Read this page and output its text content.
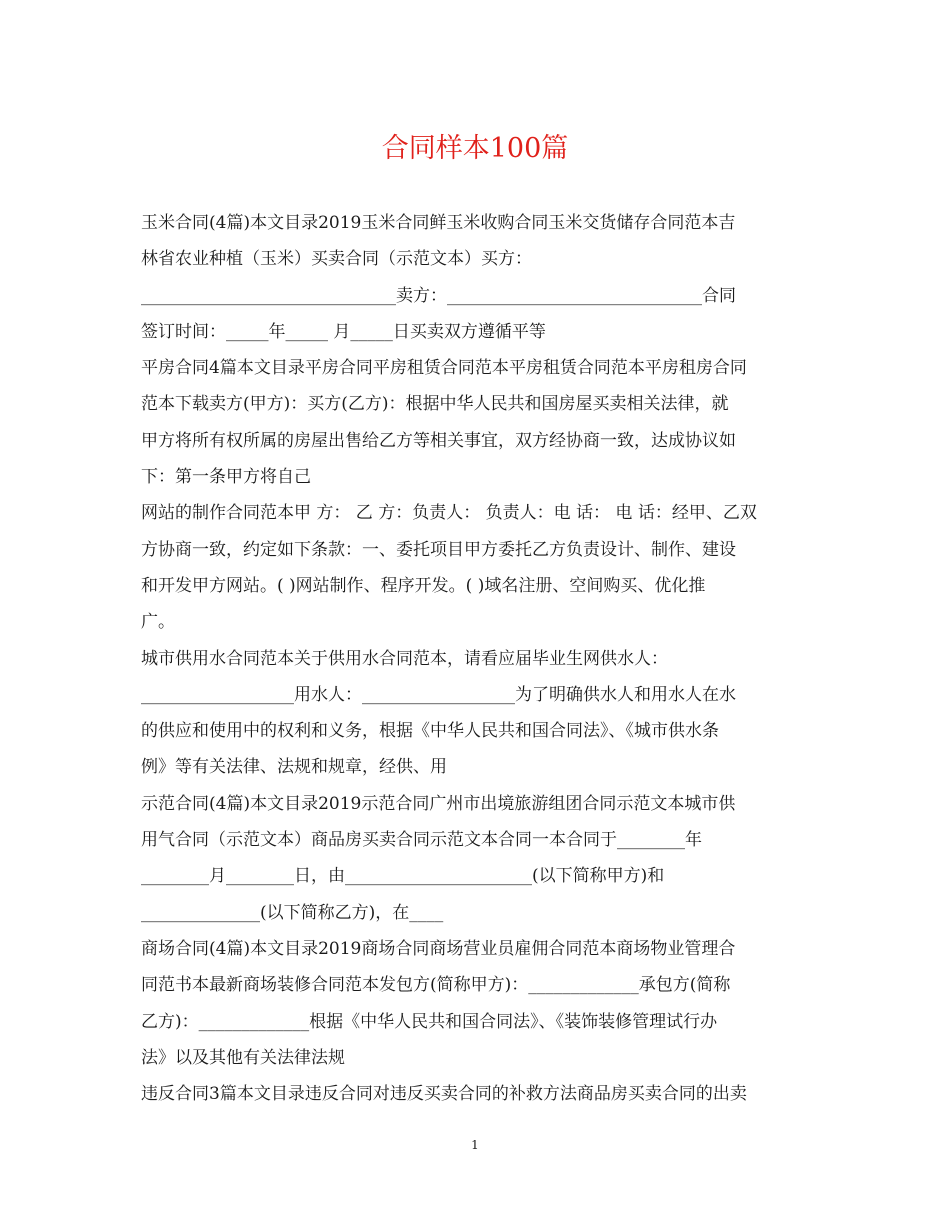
合同样本100篇
玉米合同(4篇)本文目录2019玉米合同鲜玉米收购合同玉米交货储存合同范本吉
林省农业种植（玉米）买卖合同（示范文本）买方：
______________________________卖方：______________________________合同
签订时间：_____年_____ 月_____日买卖双方遵循平等
平房合同4篇本文目录平房合同平房租赁合同范本平房租赁合同范本平房租房合同
范本下载卖方(甲方)：买方(乙方)：根据中华人民共和国房屋买卖相关法律，就
甲方将所有权所属的房屋出售给乙方等相关事宜，双方经协商一致，达成协议如
下：第一条甲方将自己
网站的制作合同范本甲 方： 乙 方：负责人： 负责人：电 话： 电 话：经甲、乙双
方协商一致，约定如下条款：一、委托项目甲方委托乙方负责设计、制作、建设
和开发甲方网站。( )网站制作、程序开发。( )域名注册、空间购买、优化推
广。
城市供用水合同范本关于供用水合同范本，请看应届毕业生网供水人：
__________________用水人：__________________为了明确供水人和用水人在水
的供应和使用中的权利和义务，根据《中华人民共和国合同法》、《城市供水条
例》等有关法律、法规和规章，经供、用
示范合同(4篇)本文目录2019示范合同广州市出境旅游组团合同示范文本城市供
用气合同（示范文本）商品房买卖合同示范文本合同一本合同于________年
________月________日，由______________________(以下简称甲方)和
______________(以下简称乙方)，在____
商场合同(4篇)本文目录2019商场合同商场营业员雇佣合同范本商场物业管理合
同范书本最新商场装修合同范本发包方(简称甲方)：_____________承包方(简称
乙方)：_____________根据《中华人民共和国合同法》、《装饰装修管理试行办
法》以及其他有关法律法规
违反合同3篇本文目录违反合同对违反买卖合同的补救方法商品房买卖合同的出卖
1
